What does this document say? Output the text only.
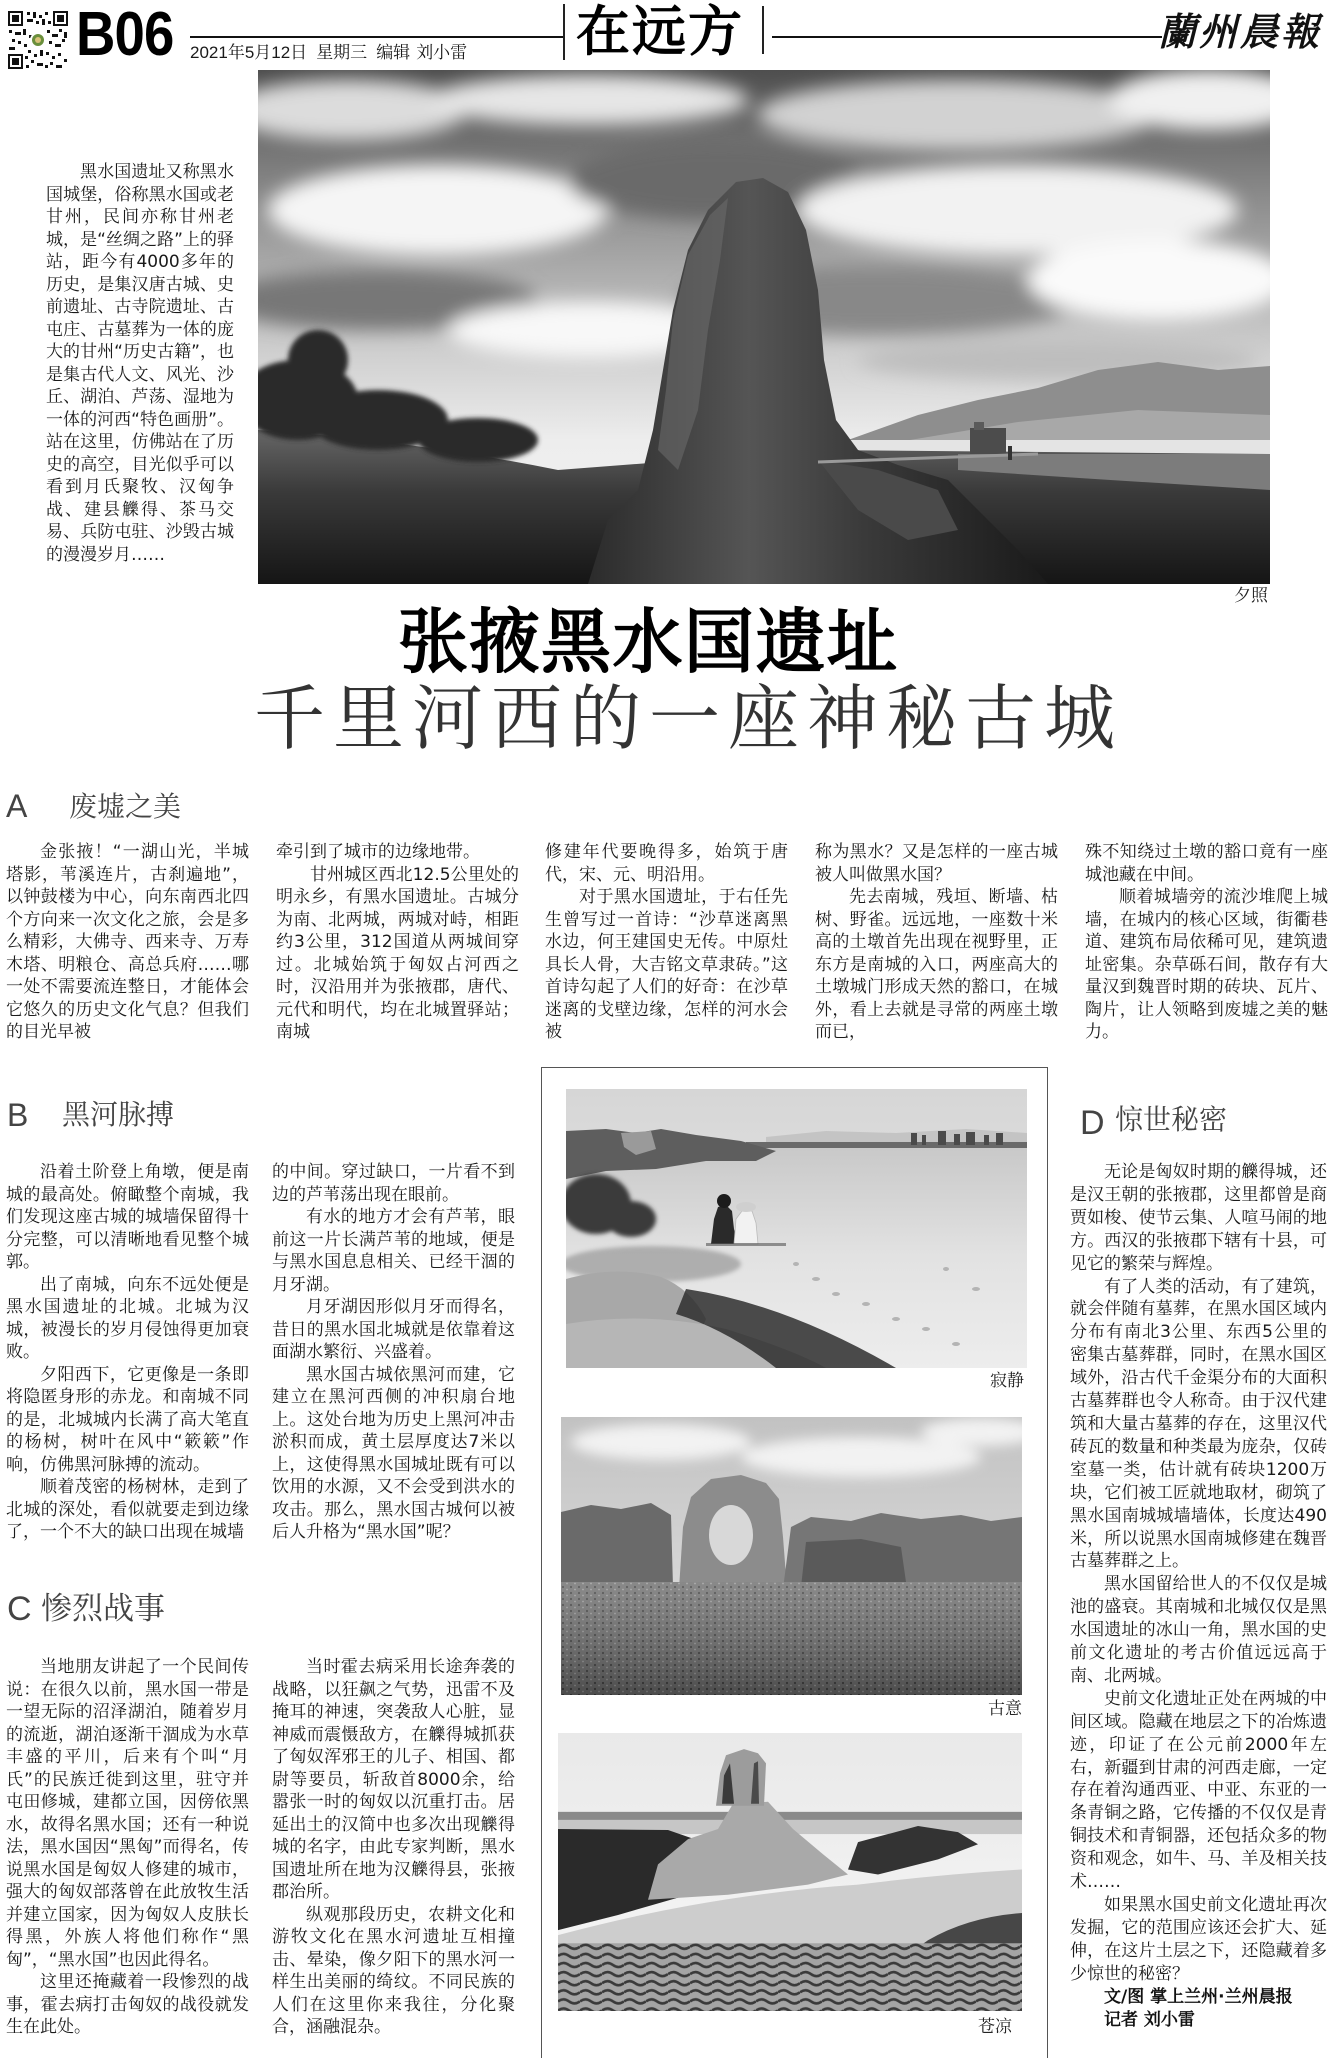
B06 2021年5月12日 星期三 编辑 刘小雷 在远方	蘭州晨報
夕照

黑水国遗址又称黑水国城堡，俗称黑水国或老甘州，民间亦称甘州老城，是“丝绸之路”上的驿站，距今有4000多年的历史，是集汉唐古城、史前遗址、古寺院遗址、古屯庄、古墓葬为一体的庞大的甘州“历史古籍”，也是集古代人文、风光、沙丘、湖泊、芦荡、湿地为一体的河西“特色画册”。站在这里，仿佛站在了历史的高空，目光似乎可以看到月氏聚牧、汉匈争战、建县觻得、茶马交易、兵防屯驻、沙毁古城的漫漫岁月……

张掖黑水国遗址
千里河西的一座神秘古城
A 废墟之美

金张掖！“一湖山光，半城塔影，苇溪连片，古刹遍地”，以钟鼓楼为中心，向东南西北四个方向来一次文化之旅，会是多么精彩，大佛寺、西来寺、万寿木塔、明粮仓、高总兵府……哪一处不需要流连整日，才能体会它悠久的历史文化气息？但我们的目光早被

牵引到了城市的边缘地带。

甘州城区西北12.5公里处的明永乡，有黑水国遗址。古城分为南、北两城，两城对峙，相距约3公里，312国道从两城间穿过。北城始筑于匈奴占河西之时，汉沿用并为张掖郡，唐代、元代和明代，均在北城置驿站；南城

修建年代要晚得多，始筑于唐代，宋、元、明沿用。

对于黑水国遗址，于右任先生曾写过一首诗：“沙草迷离黑水边，何王建国史无传。中原灶具长人骨，大吉铭文草隶砖。”这首诗勾起了人们的好奇：在沙草迷离的戈壁边缘，怎样的河水会被

称为黑水？又是怎样的一座古城被人叫做黑水国？

先去南城，残垣、断墙、枯树、野雀。远远地，一座数十米高的土墩首先出现在视野里，正东方是南城的入口，两座高大的土墩城门形成天然的豁口，在城外，看上去就是寻常的两座土墩而已，

殊不知绕过土墩的豁口竟有一座城池藏在中间。

顺着城墙旁的流沙堆爬上城墙，在城内的核心区域，街衢巷道、建筑布局依稀可见，建筑遗址密集。杂草砾石间，散存有大量汉到魏晋时期的砖块、瓦片、陶片，让人领略到废墟之美的魅力。

B 黑河脉搏

沿着土阶登上角墩，便是南城的最高处。俯瞰整个南城，我们发现这座古城的城墙保留得十分完整，可以清晰地看见整个城郭。

出了南城，向东不远处便是黑水国遗址的北城。北城为汉城，被漫长的岁月侵蚀得更加衰败。

夕阳西下，它更像是一条即将隐匿身形的赤龙。和南城不同的是，北城城内长满了高大笔直的杨树，树叶在风中“簌簌”作响，仿佛黑河脉搏的流动。

顺着茂密的杨树林，走到了北城的深处，看似就要走到边缘了，一个不大的缺口出现在城墙

的中间。穿过缺口，一片看不到边的芦苇荡出现在眼前。

有水的地方才会有芦苇，眼前这一片长满芦苇的地域，便是与黑水国息息相关、已经干涸的月牙湖。

月牙湖因形似月牙而得名，昔日的黑水国北城就是依靠着这面湖水繁衍、兴盛着。

黑水国古城依黑河而建，它建立在黑河西侧的冲积扇台地上。这处台地为历史上黑河冲击淤积而成，黄土层厚度达7米以上，这使得黑水国城址既有可以饮用的水源，又不会受到洪水的攻击。那么，黑水国古城何以被后人升格为“黑水国”呢？

C 惨烈战事

当地朋友讲起了一个民间传说：在很久以前，黑水国一带是一望无际的沼泽湖泊，随着岁月的流逝，湖泊逐渐干涸成为水草丰盛的平川，后来有个叫“月氏”的民族迁徙到这里，驻守并屯田修城，建都立国，因傍依黑水，故得名黑水国；还有一种说法，黑水国因“黑匈”而得名，传说黑水国是匈奴人修建的城市，强大的匈奴部落曾在此放牧生活并建立国家，因为匈奴人皮肤长得黑，外族人将他们称作“黑匈”，“黑水国”也因此得名。

这里还掩藏着一段惨烈的战事，霍去病打击匈奴的战役就发生在此处。

当时霍去病采用长途奔袭的战略，以狂飙之气势，迅雷不及掩耳的神速，突袭敌人心脏，显神威而震慑敌方，在觻得城抓获了匈奴浑邪王的儿子、相国、都尉等要员，斩敌首8000余，给嚣张一时的匈奴以沉重打击。居延出土的汉简中也多次出现觻得城的名字，由此专家判断，黑水国遗址所在地为汉觻得县，张掖郡治所。

纵观那段历史，农耕文化和游牧文化在黑水河遗址互相撞击、晕染，像夕阳下的黑水河一样生出美丽的绮纹。不同民族的人们在这里你来我往，分化聚合，涵融混杂。

寂静
古意
苍凉
D 惊世秘密

无论是匈奴时期的觻得城，还是汉王朝的张掖郡，这里都曾是商贾如梭、使节云集、人喧马闹的地方。西汉的张掖郡下辖有十县，可见它的繁荣与辉煌。

有了人类的活动，有了建筑，就会伴随有墓葬，在黑水国区域内分布有南北3公里、东西5公里的密集古墓葬群，同时，在黑水国区域外，沿古代千金渠分布的大面积古墓葬群也令人称奇。由于汉代建筑和大量古墓葬的存在，这里汉代砖瓦的数量和种类最为庞杂，仅砖室墓一类，估计就有砖块1200万块，它们被工匠就地取材，砌筑了黑水国南城城墙墙体，长度达490米，所以说黑水国南城修建在魏晋古墓葬群之上。

黑水国留给世人的不仅仅是城池的盛衰。其南城和北城仅仅是黑水国遗址的冰山一角，黑水国的史前文化遗址的考古价值远远高于南、北两城。

史前文化遗址正处在两城的中间区域。隐藏在地层之下的冶炼遗迹，印证了在公元前2000年左右，新疆到甘肃的河西走廊，一定存在着沟通西亚、中亚、东亚的一条青铜之路，它传播的不仅仅是青铜技术和青铜器，还包括众多的物资和观念，如牛、马、羊及相关技术……

如果黑水国史前文化遗址再次发掘，它的范围应该还会扩大、延伸，在这片土层之下，还隐藏着多少惊世的秘密？

文/图 掌上兰州·兰州晨报

记者 刘小雷
